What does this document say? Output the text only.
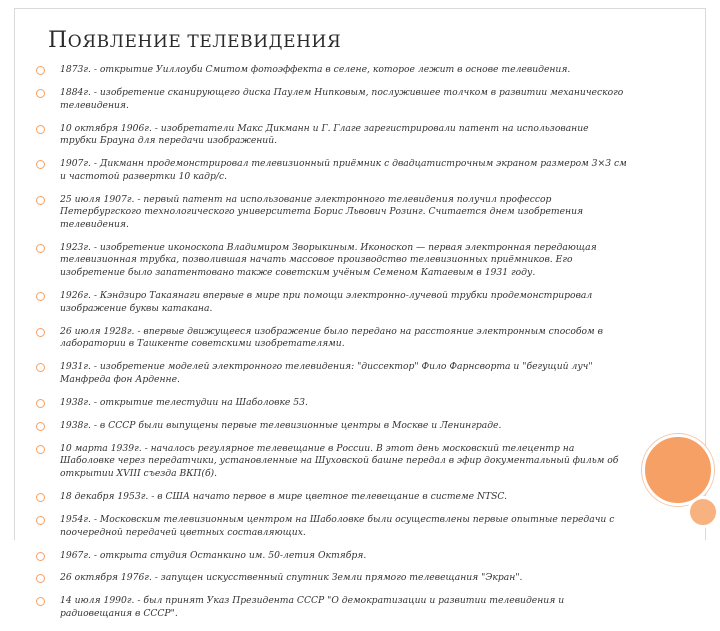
ПОЯВЛЕНИЕ ТЕЛЕВИДЕНИЯ
1873г. - открытие Уиллоуби Смитом фотоэффекта в селене, которое лежит в основе телевидения.
1884г. - изобретение сканирующего диска Паулем Нипковым, послужившее толчком в развитии механического телевидения.
10 октября 1906г. - изобретатели Макс Дикманн и Г. Глаге зарегистрировали патент на использование трубки Брауна для передачи изображений.
1907г. - Дикманн продемонстрировал телевизионный приёмник с двадцатистрочным экраном размером 3×3 см и частотой развертки 10 кадр/с.
25 июля 1907г. - первый патент на использование электронного телевидения получил профессор Петербургского технологического университета Борис Львович Розинг. Считается днем изобретения телевидения.
1923г. - изобретение иконоскопа Владимиром Зворыкиным. Иконоскоп — первая электронная передающая телевизионная трубка, позволившая начать массовое производство телевизионных приёмников. Его изобретение было запатентовано также советским учёным Семеном Катаевым в 1931 году.
1926г. - Кэндзиро Такаянаги впервые в мире при помощи электронно-лучевой трубки продемонстрировал изображение буквы катакана.
26 июля 1928г. - впервые движущееся изображение было передано на расстояние электронным способом в лаборатории в Ташкенте советскими изобретателями.
1931г. - изобретение моделей электронного телевидения: "диссектор" Фило Фарнсворта и "бегущий луч" Манфреда фон Арденне.
1938г. - открытие телестудии на Шаболовке 53.
1938г. - в СССР были выпущены первые телевизионные центры в Москве и Ленинграде.
10 марта 1939г. - началось регулярное телевещание в России. В этот день московский телецентр на Шаболовке через передатчики, установленные на Шуховской башне передал в эфир документальный фильм об открытии XVIII съезда ВКП(б).
18 декабря 1953г. - в США начато первое в мире цветное телевещание в системе NTSC.
1954г. - Московским телевизионным центром на Шаболовке были осуществлены первые опытные передачи с поочередной передачей цветных составляющих.
1967г. - открыта студия Останкино им. 50-летия Октября.
26 октября 1976г. - запущен искусственный спутник Земли прямого телевещания "Экран".
14 июля 1990г. - был принят Указ Президента СССР "О демократизации и развитии телевидения и радиовещания в СССР".
